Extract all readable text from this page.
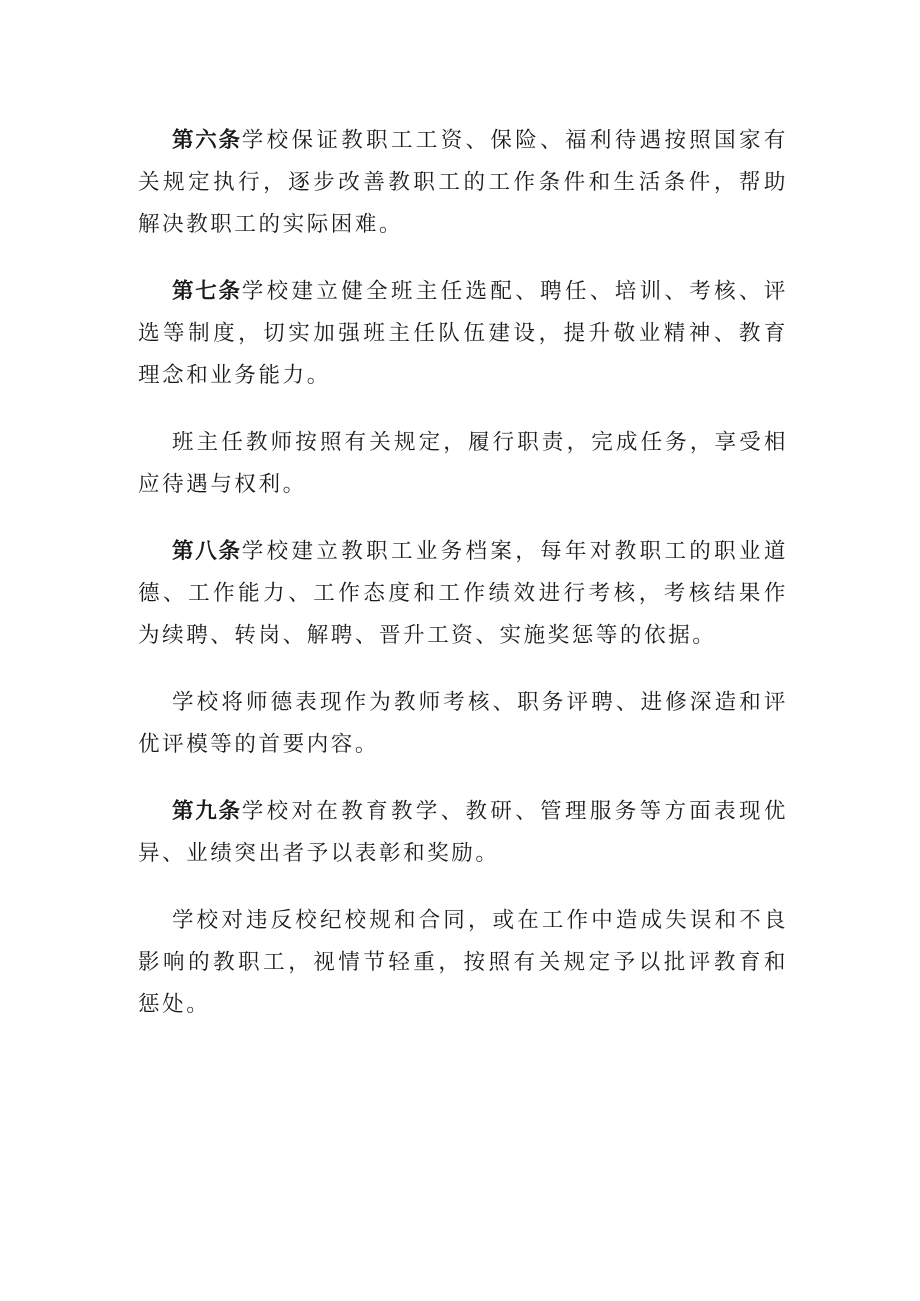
第六条学校保证教职工工资、保险、福利待遇按照国家有关规定执行，逐步改善教职工的工作条件和生活条件，帮助解决教职工的实际困难。

第七条学校建立健全班主任选配、聘任、培训、考核、评选等制度，切实加强班主任队伍建设，提升敬业精神、教育理念和业务能力。

班主任教师按照有关规定，履行职责，完成任务，享受相应待遇与权利。

第八条学校建立教职工业务档案，每年对教职工的职业道德、工作能力、工作态度和工作绩效进行考核，考核结果作为续聘、转岗、解聘、晋升工资、实施奖惩等的依据。

学校将师德表现作为教师考核、职务评聘、进修深造和评优评模等的首要内容。

第九条学校对在教育教学、教研、管理服务等方面表现优异、业绩突出者予以表彰和奖励。

学校对违反校纪校规和合同，或在工作中造成失误和不良影响的教职工，视情节轻重，按照有关规定予以批评教育和惩处。
